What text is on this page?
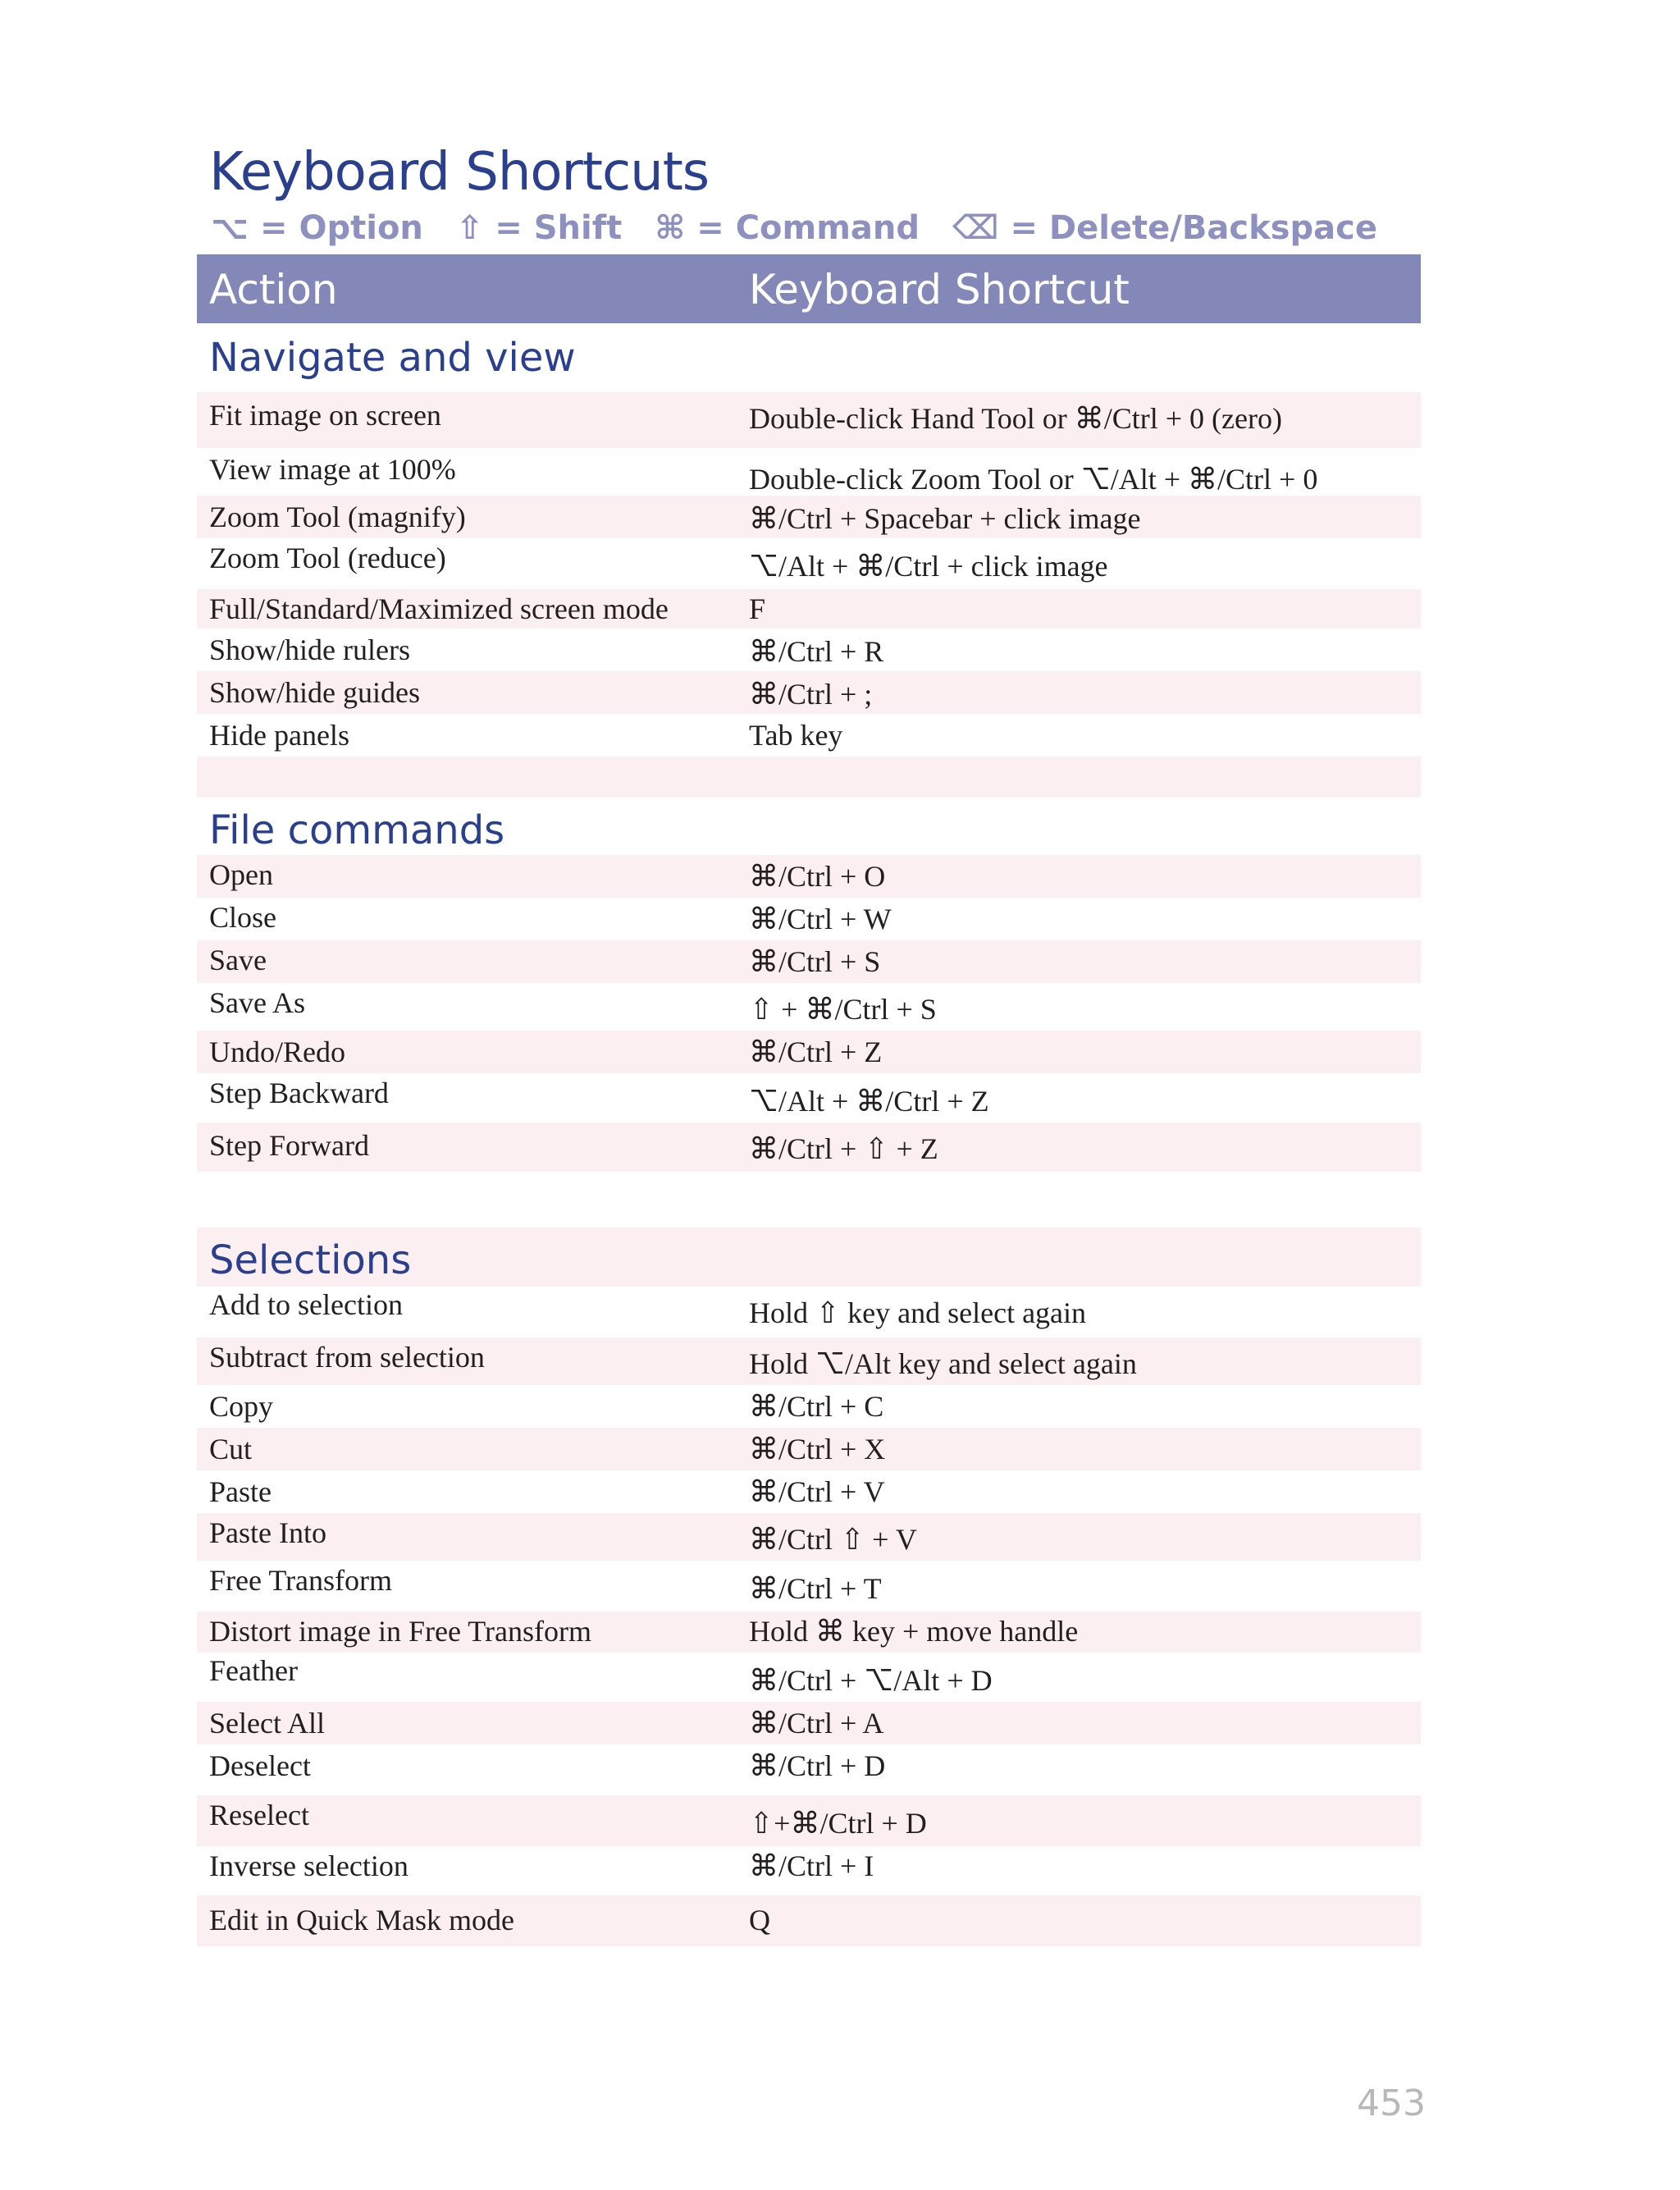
Keyboard Shortcuts
⌥ = Option ⇧ = Shift ⌘ = Command ⌫ = Delete/Backspace
Action	Keyboard Shortcut
Navigate and view
Fit image on screen	Double-click Hand Tool or ⌘/Ctrl + 0 (zero)
View image at 100%	Double-click Zoom Tool or ⌥/Alt + ⌘/Ctrl + 0
Zoom Tool (magnify)	⌘/Ctrl + Spacebar + click image
Zoom Tool (reduce)	⌥/Alt + ⌘/Ctrl + click image
Full/Standard/Maximized screen mode	F
Show/hide rulers	⌘/Ctrl + R
Show/hide guides	⌘/Ctrl + ;
Hide panels	Tab key
File commands
Open	⌘/Ctrl + O
Close	⌘/Ctrl + W
Save	⌘/Ctrl + S
Save As	⇧ + ⌘/Ctrl + S
Undo/Redo	⌘/Ctrl + Z
Step Backward	⌥/Alt + ⌘/Ctrl + Z
Step Forward	⌘/Ctrl + ⇧ + Z
Selections
Add to selection	Hold ⇧ key and select again
Subtract from selection	Hold ⌥/Alt key and select again
Copy	⌘/Ctrl + C
Cut	⌘/Ctrl + X
Paste	⌘/Ctrl + V
Paste Into	⌘/Ctrl ⇧ + V
Free Transform	⌘/Ctrl + T
Distort image in Free Transform	Hold ⌘ key + move handle
Feather	⌘/Ctrl + ⌥/Alt + D
Select All	⌘/Ctrl + A
Deselect	⌘/Ctrl + D
Reselect	⇧+⌘/Ctrl + D
Inverse selection	⌘/Ctrl + I
Edit in Quick Mask mode	Q
453
